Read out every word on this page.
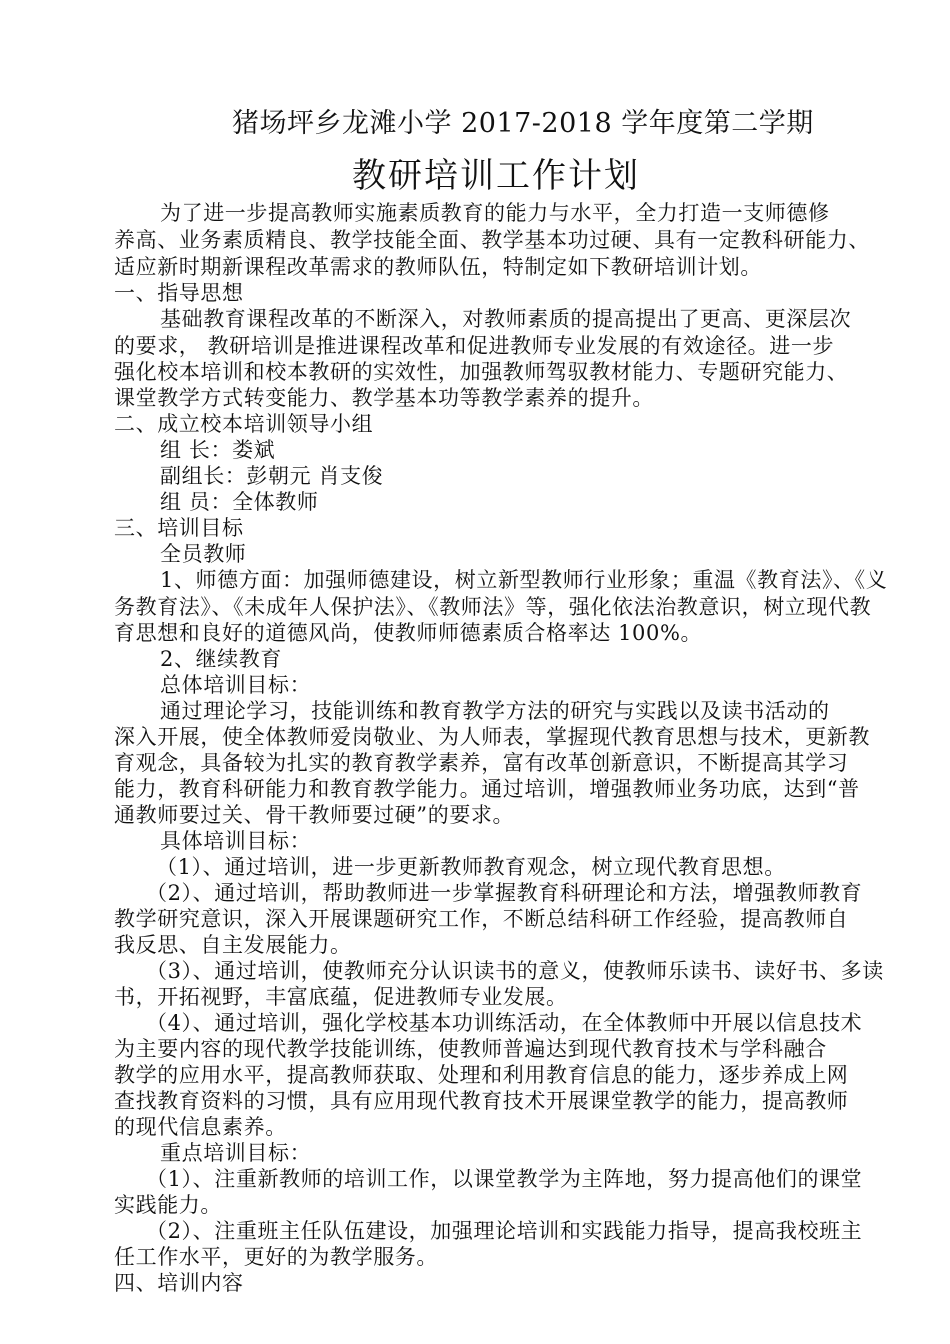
猪场坪乡龙滩小学 2017-2018 学年度第二学期
教研培训工作计划
为了进一步提高教师实施素质教育的能力与水平，全力打造一支师德修
养高、业务素质精良、教学技能全面、教学基本功过硬、具有一定教科研能力、
适应新时期新课程改革需求的教师队伍，特制定如下教研培训计划。
一、指导思想
基础教育课程改革的不断深入，对教师素质的提高提出了更高、更深层次
的要求， 教研培训是推进课程改革和促进教师专业发展的有效途径。进一步
强化校本培训和校本教研的实效性，加强教师驾驭教材能力、专题研究能力、
课堂教学方式转变能力、教学基本功等教学素养的提升。
二、成立校本培训领导小组
组 长：娄斌
副组长：彭朝元 肖支俊
组 员：全体教师
三、培训目标
全员教师
1、师德方面：加强师德建设，树立新型教师行业形象；重温《教育法》、《义
务教育法》、《未成年人保护法》、《教师法》等，强化依法治教意识，树立现代教
育思想和良好的道德风尚，使教师师德素质合格率达 100%。
2、继续教育
总体培训目标：
通过理论学习，技能训练和教育教学方法的研究与实践以及读书活动的
深入开展，使全体教师爱岗敬业、为人师表，掌握现代教育思想与技术，更新教
育观念，具备较为扎实的教育教学素养，富有改革创新意识，不断提高其学习
能力，教育科研能力和教育教学能力。通过培训，增强教师业务功底，达到“普
通教师要过关、骨干教师要过硬”的要求。
具体培训目标：
（1）、通过培训，进一步更新教师教育观念，树立现代教育思想。
（2）、通过培训，帮助教师进一步掌握教育科研理论和方法，增强教师教育
教学研究意识，深入开展课题研究工作，不断总结科研工作经验，提高教师自
我反思、自主发展能力。
（3）、通过培训，使教师充分认识读书的意义，使教师乐读书、读好书、多读
书，开拓视野，丰富底蕴，促进教师专业发展。
（4）、通过培训，强化学校基本功训练活动，在全体教师中开展以信息技术
为主要内容的现代教学技能训练，使教师普遍达到现代教育技术与学科融合
教学的应用水平，提高教师获取、处理和利用教育信息的能力，逐步养成上网
查找教育资料的习惯，具有应用现代教育技术开展课堂教学的能力，提高教师
的现代信息素养。
重点培训目标：
（1）、注重新教师的培训工作，以课堂教学为主阵地，努力提高他们的课堂
实践能力。
（2）、注重班主任队伍建设，加强理论培训和实践能力指导，提高我校班主
任工作水平，更好的为教学服务。
四、培训内容
